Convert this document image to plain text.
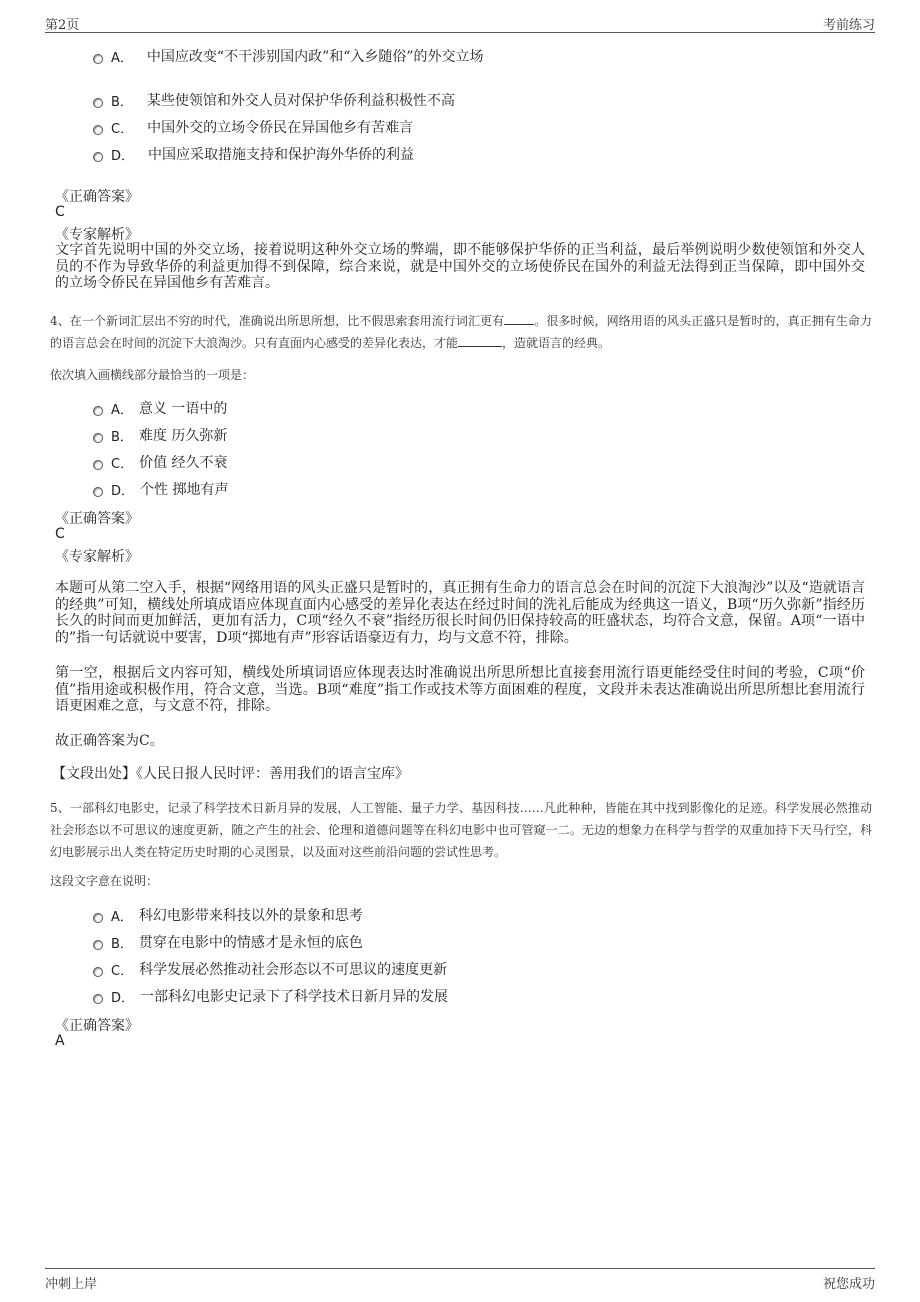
第2页	考前练习
A． 中国应改变“不干涉别国内政”和“入乡随俗”的外交立场
B． 某些使领馆和外交人员对保护华侨利益积极性不高
C． 中国外交的立场令侨民在异国他乡有苦难言
D． 中国应采取措施支持和保护海外华侨的利益
《正确答案》
C
《专家解析》
文字首先说明中国的外交立场，接着说明这种外交立场的弊端，即不能够保护华侨的正当利益，最后举例说明少数使领馆和外交人员的不作为导致华侨的利益更加得不到保障，综合来说，就是中国外交的立场使侨民在国外的利益无法得到正当保障，即中国外交的立场令侨民在异国他乡有苦难言。
4、在一个新词汇层出不穷的时代，准确说出所思所想，比不假思索套用流行词汇更有	。很多时候，网络用语的风头正盛只是暂时的，真正拥有生命力的语言总会在时间的沉淀下大浪淘沙。只有直面内心感受的差异化表达，才能	，造就语言的经典。
依次填入画横线部分最恰当的一项是：
A． 意义 一语中的
B． 难度 历久弥新
C． 价值 经久不衰
D． 个性 掷地有声
《正确答案》
C
《专家解析》
本题可从第二空入手，根据“网络用语的风头正盛只是暂时的，真正拥有生命力的语言总会在时间的沉淀下大浪淘沙”以及“造就语言的经典”可知，横线处所填成语应体现直面内心感受的差异化表达在经过时间的洗礼后能成为经典这一语义，B项“历久弥新”指经历长久的时间而更加鲜活，更加有活力，C项“经久不衰”指经历很长时间仍旧保持较高的旺盛状态，均符合文意，保留。A项“一语中的”指一句话就说中要害，D项“掷地有声”形容话语豪迈有力，均与文意不符，排除。
第一空，根据后文内容可知，横线处所填词语应体现表达时准确说出所思所想比直接套用流行语更能经受住时间的考验，C项“价值”指用途或积极作用，符合文意，当选。B项“难度”指工作或技术等方面困难的程度，文段并未表达准确说出所思所想比套用流行语更困难之意，与文意不符，排除。
故正确答案为C。
【文段出处】《人民日报人民时评：善用我们的语言宝库》
5、一部科幻电影史，记录了科学技术日新月异的发展，人工智能、量子力学、基因科技……凡此种种，皆能在其中找到影像化的足迹。科学发展必然推动社会形态以不可思议的速度更新，随之产生的社会、伦理和道德问题等在科幻电影中也可管窥一二。无边的想象力在科学与哲学的双重加持下天马行空，科幻电影展示出人类在特定历史时期的心灵图景，以及面对这些前沿问题的尝试性思考。
这段文字意在说明：
A． 科幻电影带来科技以外的景象和思考
B． 贯穿在电影中的情感才是永恒的底色
C． 科学发展必然推动社会形态以不可思议的速度更新
D． 一部科幻电影史记录下了科学技术日新月异的发展
《正确答案》
A
冲刺上岸	祝您成功
